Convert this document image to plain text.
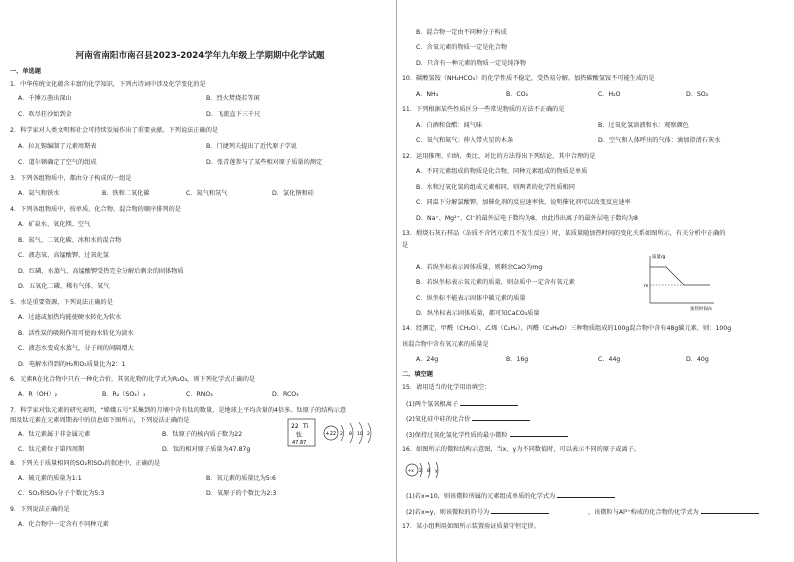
河南省南阳市南召县2023-2024学年九年级上学期期中化学试题
一、单选题
1．中华传统文化蕴含丰富的化学知识，下列古诗词中涉及化学变化的是
A．千锤万凿出深山	B．烈火焚烧若等闲
C．吹尽狂沙始到金	D．飞流直下三千尺
2．科学家对人类文明和社会可持续发展作出了重要贡献。下列说法正确的是
A．拉瓦锡编制了元素周期表	B．门捷列夫提出了近代原子学说
C．道尔顿确定了空气的组成	D．张青莲参与了某些相对原子质量的测定
3．下列各组物质中，都由分子构成的一组是
A．氦气和铁水	B．铁和二氧化碳	C．氮气和氖气	D．氯化钠和硅
4．下列各组物质中，按单质、化合物、混合物的顺序排列的是
A．矿泉水、氧化镁、空气
B．氮气、二氧化碳、冰和水的混合物
C．液态氧、高锰酸钾、过氧化氢
D．红磷、水蒸气、高锰酸钾受热完全分解后剩余的固体物质
D．五氧化二磷、稀有气体、氧气
5．水是重要资源，下列说法正确的是
A．过滤或加热均能使硬水转化为软水
B．活性炭的吸附作用可使海水转化为淡水
C．液态水变成水蒸气，分子间的间隔增大
D．电解水得到的H₂和O₂质量比为2：1
6．元素R在化合物中只有一种化合价，其氧化物的化学式为R₂O₃，则下列化学式正确的是
A．R（OH）₂	B．R₂（SO₄）₃	C．RNO₃	D．RCO₃
7．科学家对钛元素的研究表明，“嫦娥五号”采集到的月壤中含有钛的数量，是地球上平均含量的4倍多。钛原子的结构示意
图及钛元素在元素周期表中的信息如下图所示，下列说法正确的是
A．钛元素属于非金属元素	B．钛原子的核内质子数为22
C．钛元素位于第四周期	D．钛的相对原子质量为47.87g
8．下列关于质量相同的SO₂和SO₃的叙述中，正确的是
A．硫元素的质量为1:1	B．氧元素的质量比为5:6
C．SO₂和SO₃分子个数比为5:3	D．氧原子的个数比为2:3
9．下列说法正确的是
A．化合物中一定含有不同种元素
B．混合物一定由不同种分子构成
C．含氧元素的物质一定是化合物
D．只含有一种元素的物质一定是纯净物
10．碳酸氢铵（NH₄HCO₃）的化学性质不稳定，受热易分解。加热碳酸氢铵不可能生成的是
A．NH₃	B．CO₂	C．H₂O	D．SO₂
11．下列根据某些性质区分一些常见物质的方法不正确的是
A．白酒和食醋：闻气味	B．过氧化氢溶液和水：观察颜色
C．氧气和氮气：伸入带火星的木条	D．空气和人体呼出的气体：滴加澄清石灰水
12．运用推理、归纳、类比、对比的方法得出下列结论，其中合理的是
A．不同元素组成的物质是化合物，同种元素组成的物质是单质
B．水和过氧化氢的组成元素相同，则两者的化学性质相同
C．同温下分解氯酸钾，加催化剂的反应速率快，说明催化剂可以改变反应速率
D．Na⁺、Mg²⁺、Cl⁻的最外层电子数均为8，由此得出离子的最外层电子数均为8
13．煅烧石灰石样品（杂质不含钙元素且不发生反应）时，某质量随加热时间的变化关系如图所示，有关分析中正确的
是
A．若纵坐标表示固体质量，则剩余CaO为mg
B．若纵坐标表示氧元素的质量，则杂质中一定含有氧元素
C．纵坐标不能表示固体中碳元素的质量
D．纵坐标表示固体质量，都可知CaCO₃质量
14．经测定，甲醛（CH₂O）、乙烯（C₂H₄）、丙醛（C₃H₆O）三种物质组成的100g混合物中含有48g碳元素，则：100g
该混合物中含有氧元素的质量是
A．24g	B．16g	C．44g	D．40g
二、填空题
15．请用适当的化学用语填空：
(1)两个氢氧根离子
(2)氧化硅中硅的化合价
(3)保持过氧化氢化学性质的最小微粒
16．如图所示的微粒结构示意图，当x、y为不同数值时，可以表示不同的原子或离子。
(1)若x=10，则该微粒所属的元素组成单质的化学式为
(2)若x=y，则该微粒的符号为	，该微粒与Al³⁺构成的化合物的化学式为
17．某小组利用如图所示装置验证质量守恒定律。
22 Ti
钛
47.87
+22 2 8 10 2
质量/g
m
加热时间/s
+x 2 8 y
